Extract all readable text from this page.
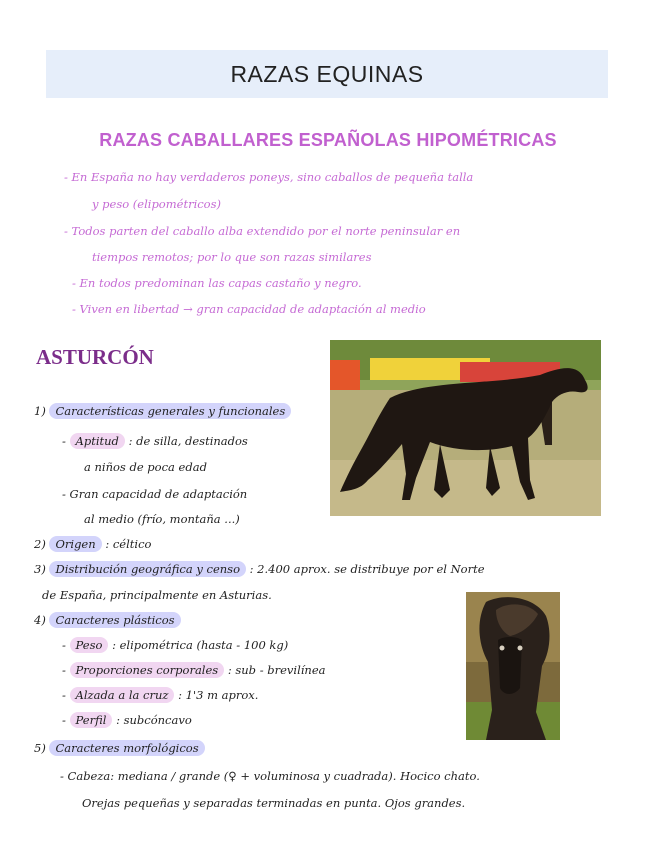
RAZAS EQUINAS
RAZAS CABALLARES ESPAÑOLAS HIPOMÉTRICAS
- En España no hay verdaderos poneys, sino caballos de pequeña talla
y peso (elipométricos)
- Todos parten del caballo alba extendido por el norte peninsular en
tiempos remotos; por lo que son razas similares
- En todos predominan las capas castaño y negro.
- Viven en libertad → gran capacidad de adaptación al medio
ASTURCÓN
1) Características generales y funcionales
- Aptitud : de silla, destinados
a niños de poca edad
- Gran capacidad de adaptación
al medio (frío, montaña ...)
2) Origen : céltico
3) Distribución geográfica y censo : 2.400 aprox. se distribuye por el Norte
de España, principalmente en Asturias.
4) Caracteres plásticos
- Peso : elipométrica (hasta - 100 kg)
- Proporciones corporales : sub - brevilínea
- Alzada a la cruz : 1'3 m aprox.
- Perfil : subcóncavo
5) Caracteres morfológicos
- Cabeza: mediana / grande (♀ + voluminosa y cuadrada). Hocico chato.
Orejas pequeñas y separadas terminadas en punta. Ojos grandes.
